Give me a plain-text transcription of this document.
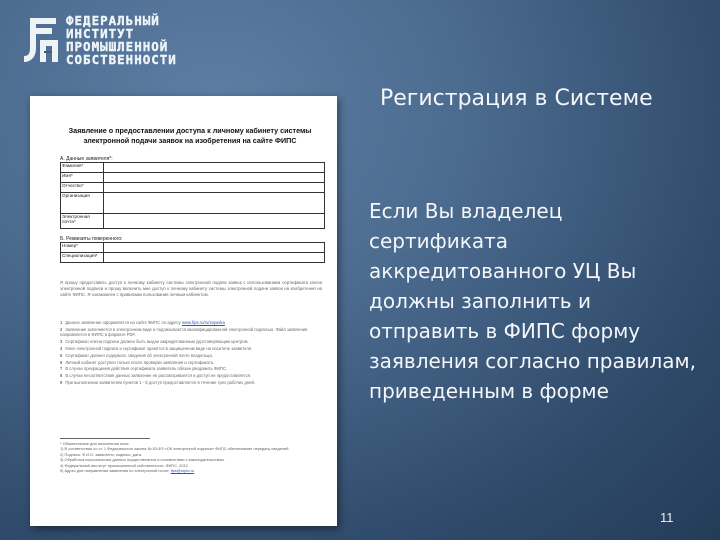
ФЕДЕРАЛЬНЫЙ
ИНСТИТУТ
ПРОМЫШЛЕННОЙ
СОБСТВЕННОСТИ
Регистрация в Системе
Заявление о предоставлении доступа к личному кабинету системы электронной подачи заявок на изобретения на сайте ФИПС
А. Данные заявителя*:
Фамилия*	
Имя*	
Отчество*	
Организация	
Электронная почта*	
Б. Реквизиты поверенного:
Номер*	
Специализация*	
Я прошу предоставить доступ к личному кабинету системы электронной подачи заявок с использованием сертификата ключа электронной подписи и прошу включить мне доступ к личному кабинету системы электронной подачи заявок на изобретения на сайте ФИПС. Я ознакомлен с правилами пользования личным кабинетом.
1 Данное заявление оформляется на сайте ФИПС по адресу www.fips.ru/ru/zayavka
2 Заявление заполняется в электронном виде и подписывается квалифицированной электронной подписью. Файл заявления направляется в ФИПС в формате PDF.
3 Сертификат ключа подписи должен быть выдан аккредитованным удостоверяющим центром.
4 Ключ электронной подписи и сертификат хранятся в защищенном виде на носителе заявителя.
5 Сертификат должен содержать сведения об электронной почте владельца.
6 Личный кабинет доступен только после проверки заявления и сертификата.
7 В случае прекращения действия сертификата заявитель обязан уведомить ФИПС.
8 В случае несоответствия данных заявление не рассматривается и доступ не предоставляется.
9 При выполнении заявителем пунктов 1 - 8 доступ предоставляется в течение трех рабочих дней.
* Обязательные для заполнения поля
1) В соответствии со ст. 1 Федерального закона № 63-ФЗ «Об электронной подписи» ФИПС обеспечивает передачу сведений.
2) Подпись: Ф.И.О. заявителя, подпись, дата.
3) Обработка персональных данных осуществляется в соответствии с законодательством.
4) Федеральный институт промышленной собственности, ФИПС, 2012
5) Адрес для направления заявления по электронной почте: fips@rupto.ru
Если Вы владелец сертификата аккредитованного УЦ Вы должны заполнить и отправить в ФИПС форму заявления согласно правилам, приведенным в форме
11
